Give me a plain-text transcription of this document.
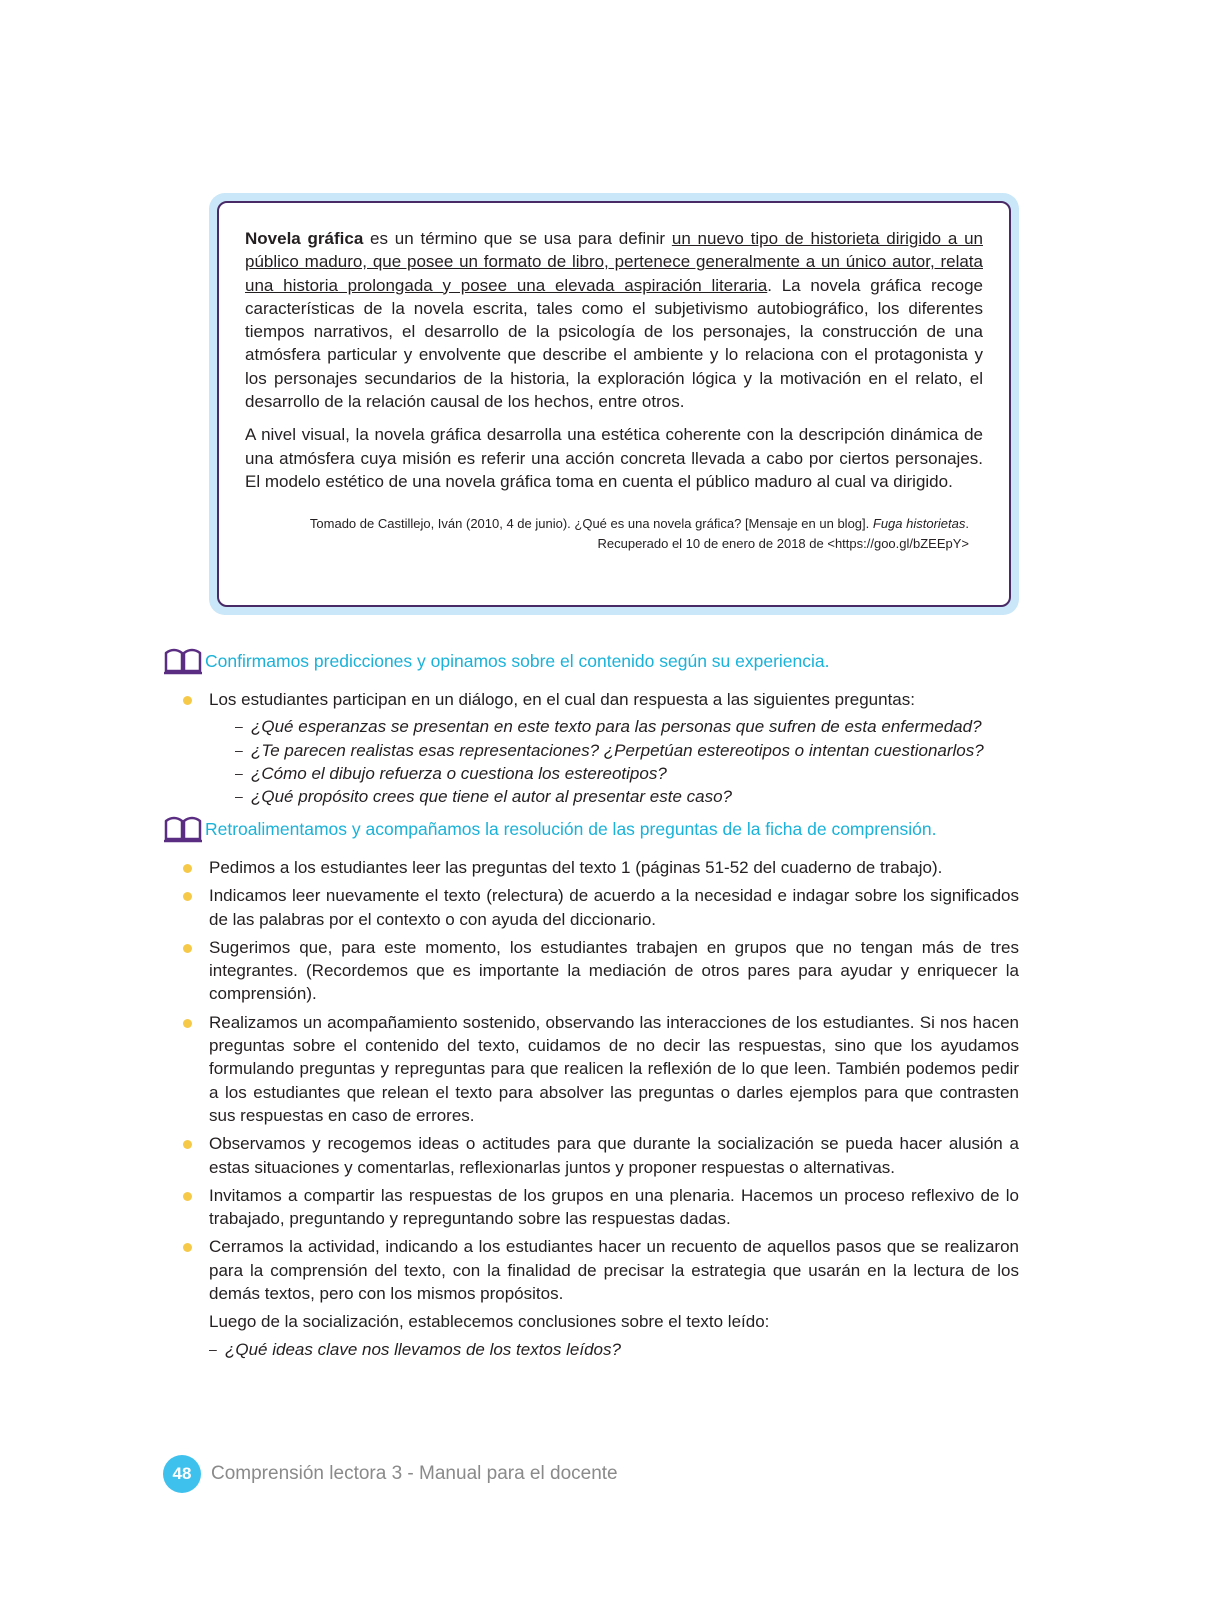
Novela gráfica es un término que se usa para definir un nuevo tipo de historieta dirigido a un público maduro, que posee un formato de libro, pertenece generalmente a un único autor, relata una historia prolongada y posee una elevada aspiración literaria. La novela gráfica recoge características de la novela escrita, tales como el subjetivismo autobiográfico, los diferentes tiempos narrativos, el desarrollo de la psicología de los personajes, la construcción de una atmósfera particular y envolvente que describe el ambiente y lo relaciona con el protagonista y los personajes secundarios de la historia, la exploración lógica y la motivación en el relato, el desarrollo de la relación causal de los hechos, entre otros.

A nivel visual, la novela gráfica desarrolla una estética coherente con la descripción dinámica de una atmósfera cuya misión es referir una acción concreta llevada a cabo por ciertos personajes. El modelo estético de una novela gráfica toma en cuenta el público maduro al cual va dirigido.

Tomado de Castillejo, Iván (2010, 4 de junio). ¿Qué es una novela gráfica? [Mensaje en un blog]. Fuga historietas. Recuperado el 10 de enero de 2018 de <https://goo.gl/bZEEpY>
Confirmamos predicciones y opinamos sobre el contenido según su experiencia.
Los estudiantes participan en un diálogo, en el cual dan respuesta a las siguientes preguntas:
– ¿Qué esperanzas se presentan en este texto para las personas que sufren de esta enfermedad?
– ¿Te parecen realistas esas representaciones? ¿Perpetúan estereotipos o intentan cuestionarlos?
– ¿Cómo el dibujo refuerza o cuestiona los estereotipos?
– ¿Qué propósito crees que tiene el autor al presentar este caso?
Retroalimentamos y acompañamos la resolución de las preguntas de la ficha de comprensión.
Pedimos a los estudiantes leer las preguntas del texto 1 (páginas 51-52 del cuaderno de trabajo).
Indicamos leer nuevamente el texto (relectura) de acuerdo a la necesidad e indagar sobre los significados de las palabras por el contexto o con ayuda del diccionario.
Sugerimos que, para este momento, los estudiantes trabajen en grupos que no tengan más de tres integrantes. (Recordemos que es importante la mediación de otros pares para ayudar y enriquecer la comprensión).
Realizamos un acompañamiento sostenido, observando las interacciones de los estudiantes. Si nos hacen preguntas sobre el contenido del texto, cuidamos de no decir las respuestas, sino que los ayudamos formulando preguntas y repreguntas para que realicen la reflexión de lo que leen. También podemos pedir a los estudiantes que relean el texto para absolver las preguntas o darles ejemplos para que contrasten sus respuestas en caso de errores.
Observamos y recogemos ideas o actitudes para que durante la socialización se pueda hacer alusión a estas situaciones y comentarlas, reflexionarlas juntos y proponer respuestas o alternativas.
Invitamos a compartir las respuestas de los grupos en una plenaria. Hacemos un proceso reflexivo de lo trabajado, preguntando y repreguntando sobre las respuestas dadas.
Cerramos la actividad, indicando a los estudiantes hacer un recuento de aquellos pasos que se realizaron para la comprensión del texto, con la finalidad de precisar la estrategia que usarán en la lectura de los demás textos, pero con los mismos propósitos.
Luego de la socialización, establecemos conclusiones sobre el texto leído:
– ¿Qué ideas clave nos llevamos de los textos leídos?
48	Comprensión lectora 3 - Manual para el docente
